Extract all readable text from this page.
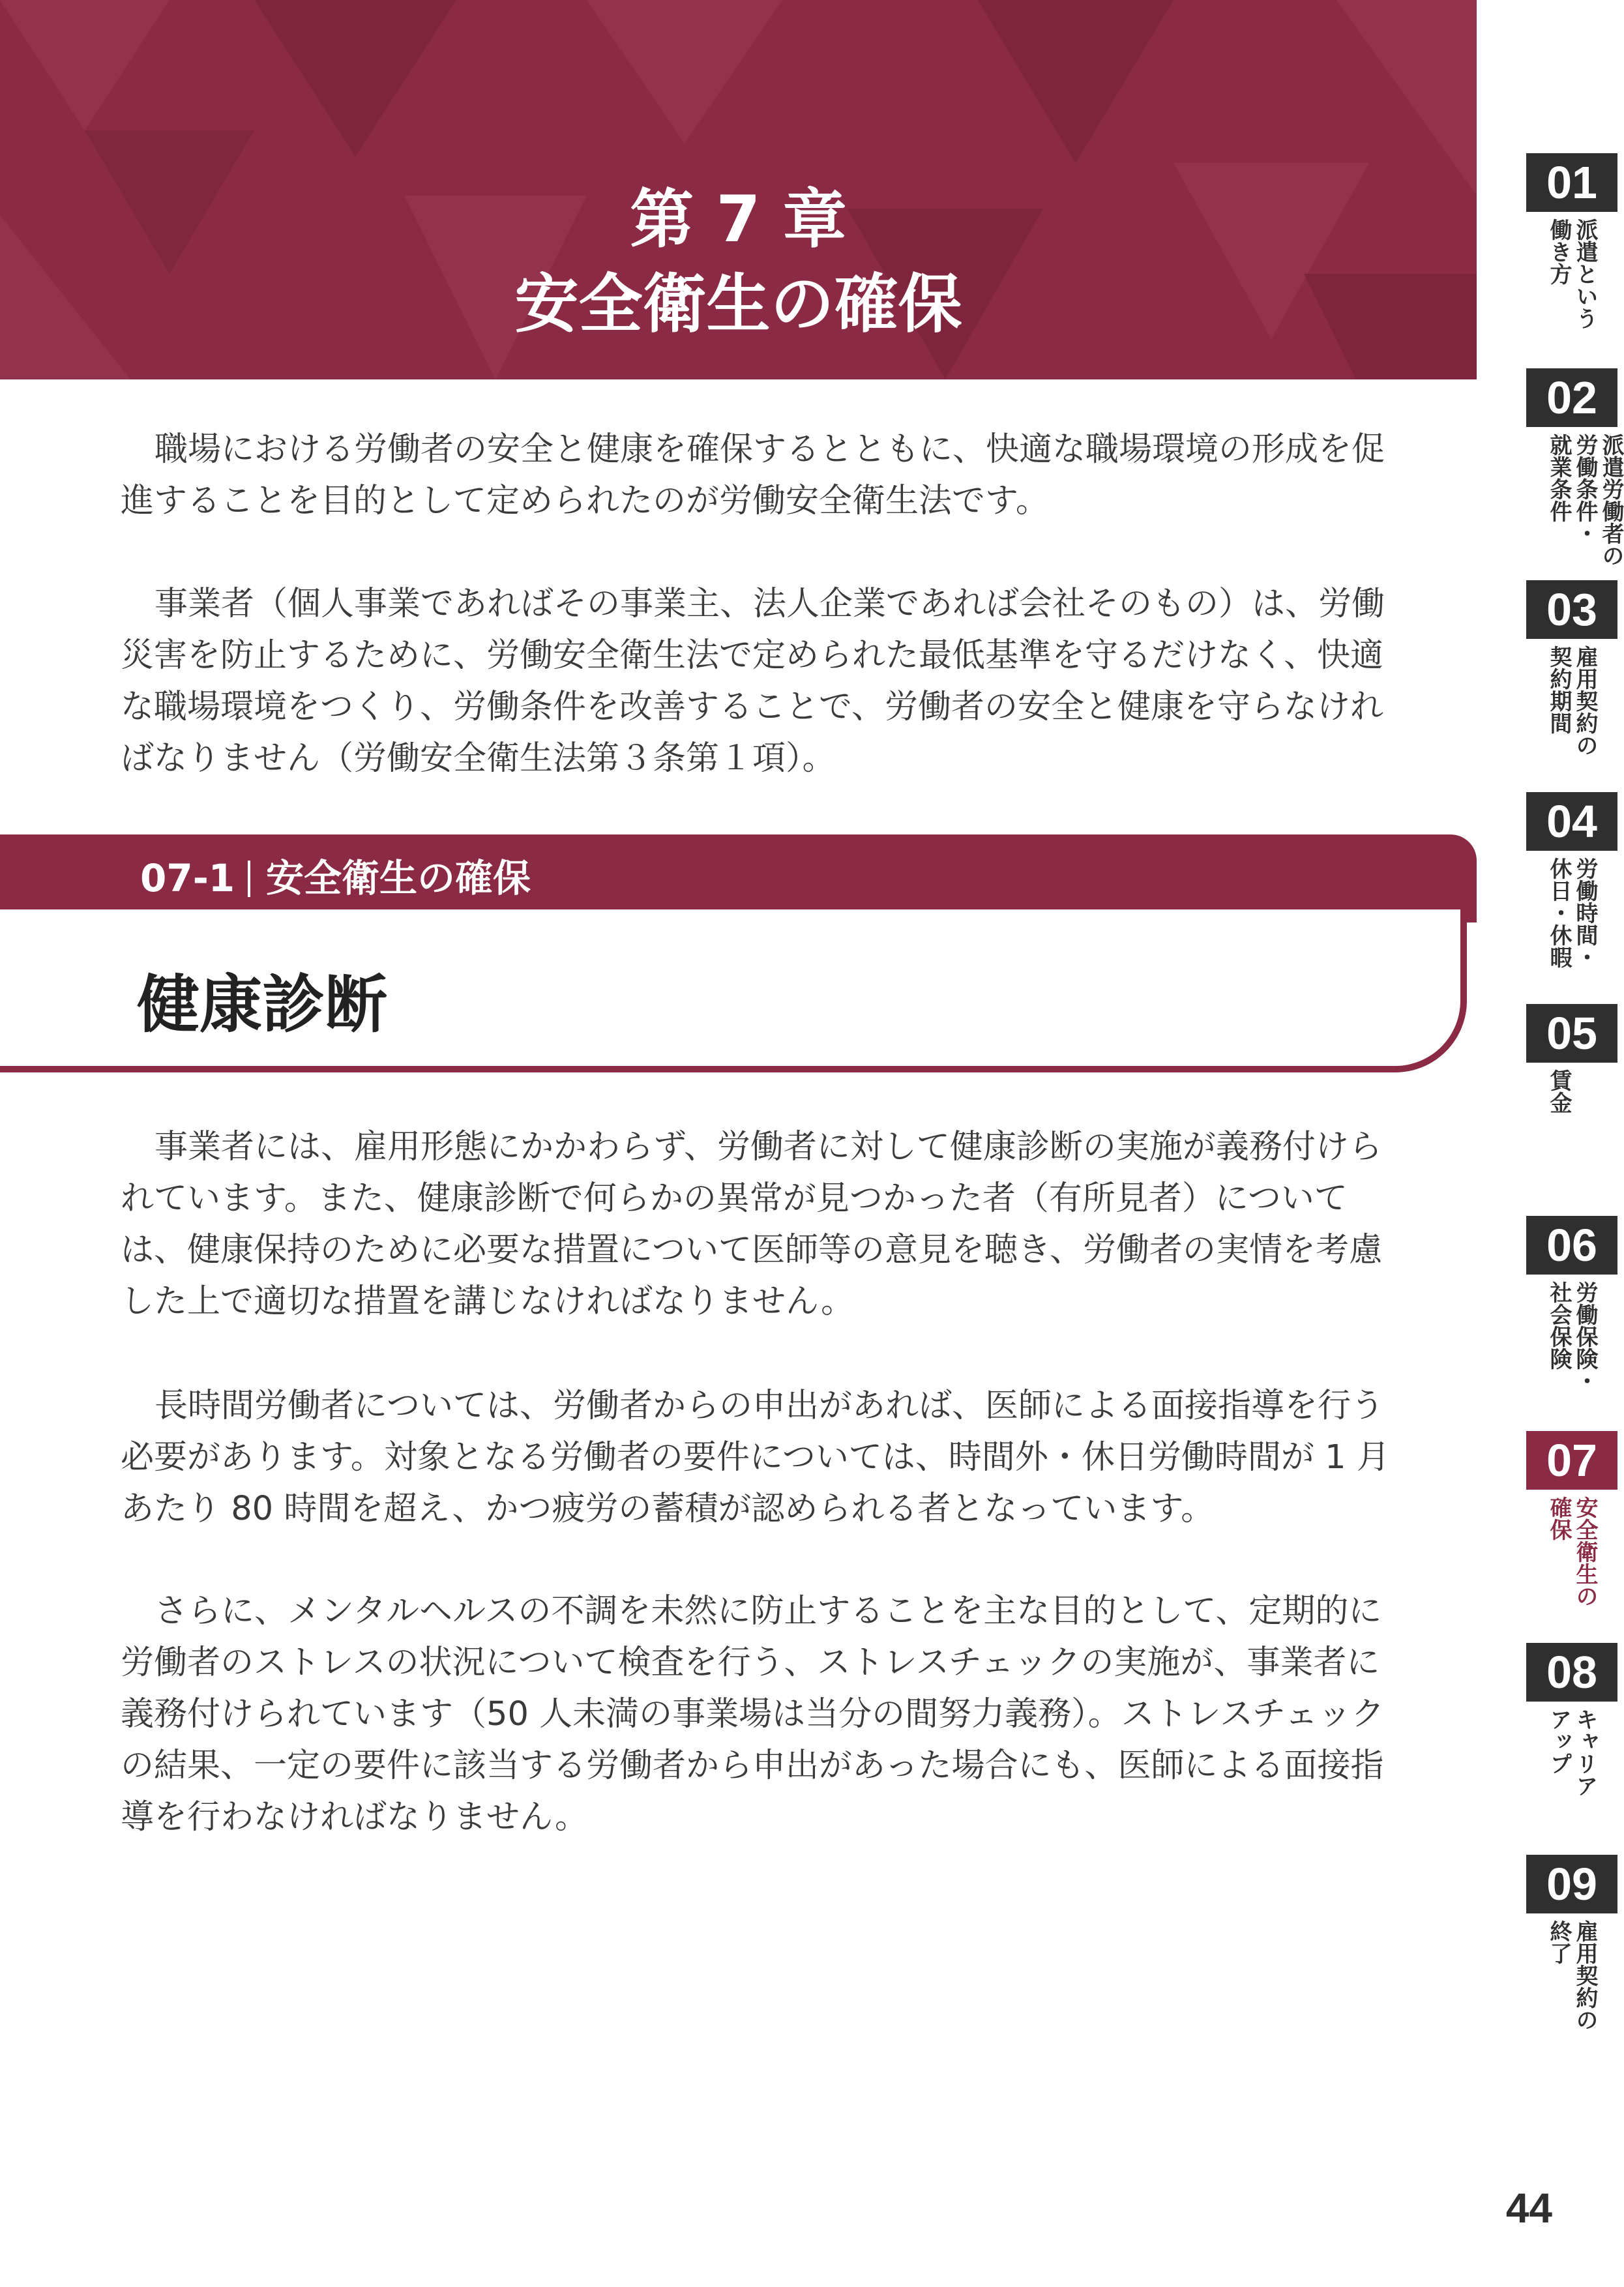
第 7 章
安全衛生の確保

職場における労働者の安全と健康を確保するとともに、快適な職場環境の形成を促進することを目的として定められたのが労働安全衛生法です。

事業者（個人事業であればその事業主、法人企業であれば会社そのもの）は、労働災害を防止するために、労働安全衛生法で定められた最低基準を守るだけなく、快適な職場環境をつくり、労働条件を改善することで、労働者の安全と健康を守らなければなりません（労働安全衛生法第３条第１項）。

07-1 安全衛生の確保
健康診断

事業者には、雇用形態にかかわらず、労働者に対して健康診断の実施が義務付けられています。また、健康診断で何らかの異常が見つかった者（有所見者）については、健康保持のために必要な措置について医師等の意見を聴き、労働者の実情を考慮した上で適切な措置を講じなければなりません。

長時間労働者については、労働者からの申出があれば、医師による面接指導を行う必要があります。対象となる労働者の要件については、時間外・休日労働時間が 1 月あたり 80 時間を超え、かつ疲労の蓄積が認められる者となっています。

さらに、メンタルヘルスの不調を未然に防止することを主な目的として、定期的に労働者のストレスの状況について検査を行う、ストレスチェックの実施が、事業者に義務付けられています（50 人未満の事業場は当分の間努力義務）。ストレスチェックの結果、一定の要件に該当する労働者から申出があった場合にも、医師による面接指導を行わなければなりません。

01
派遣という
働き方
02
派遣労働者の
労働条件・
就業条件
03
雇用契約の
契約期間
04
労働時間・
休日・休暇
05
賃金
06
労働保険・
社会保険
07
安全衛生の
確保
08
キャリア
アップ
09
雇用契約の
終了
44
